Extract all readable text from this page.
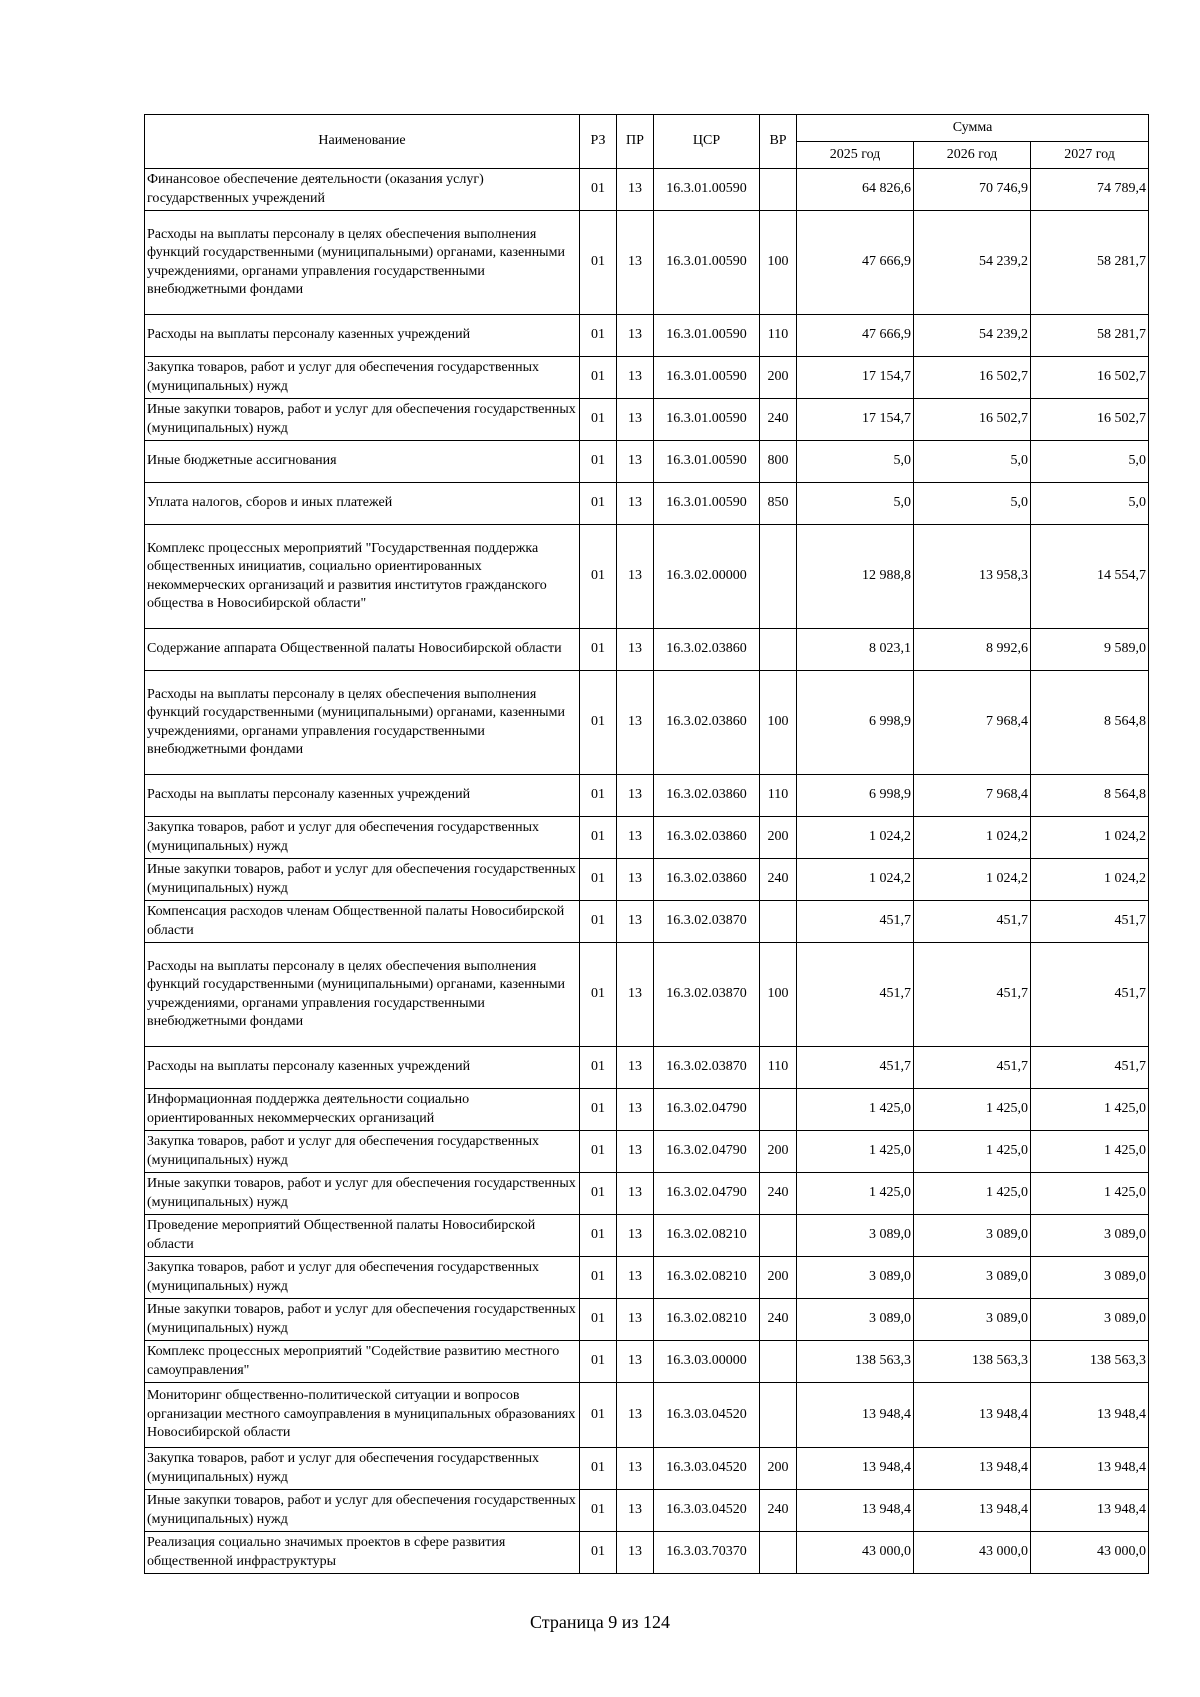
Наименование	РЗ	ПР	ЦСР	ВР	Сумма		
					2025 год	2026 год	2027 год
Финансовое обеспечение деятельности (оказания услуг) государственных учреждений	01	13	16.3.01.00590		64 826,6	70 746,9	74 789,4
Расходы на выплаты персоналу в целях обеспечения выполнения функций государственными (муниципальными) органами, казенными учреждениями, органами управления государственными внебюджетными фондами	01	13	16.3.01.00590	100	47 666,9	54 239,2	58 281,7
Расходы на выплаты персоналу казенных учреждений	01	13	16.3.01.00590	110	47 666,9	54 239,2	58 281,7
Закупка товаров, работ и услуг для обеспечения государственных (муниципальных) нужд	01	13	16.3.01.00590	200	17 154,7	16 502,7	16 502,7
Иные закупки товаров, работ и услуг для обеспечения государственных (муниципальных) нужд	01	13	16.3.01.00590	240	17 154,7	16 502,7	16 502,7
Иные бюджетные ассигнования	01	13	16.3.01.00590	800	5,0	5,0	5,0
Уплата налогов, сборов и иных платежей	01	13	16.3.01.00590	850	5,0	5,0	5,0
Комплекс процессных мероприятий "Государственная поддержка общественных инициатив, социально ориентированных некоммерческих организаций и развития институтов гражданского общества в Новосибирской области"	01	13	16.3.02.00000		12 988,8	13 958,3	14 554,7
Содержание аппарата Общественной палаты Новосибирской области	01	13	16.3.02.03860		8 023,1	8 992,6	9 589,0
Расходы на выплаты персоналу в целях обеспечения выполнения функций государственными (муниципальными) органами, казенными учреждениями, органами управления государственными внебюджетными фондами	01	13	16.3.02.03860	100	6 998,9	7 968,4	8 564,8
Расходы на выплаты персоналу казенных учреждений	01	13	16.3.02.03860	110	6 998,9	7 968,4	8 564,8
Закупка товаров, работ и услуг для обеспечения государственных (муниципальных) нужд	01	13	16.3.02.03860	200	1 024,2	1 024,2	1 024,2
Иные закупки товаров, работ и услуг для обеспечения государственных (муниципальных) нужд	01	13	16.3.02.03860	240	1 024,2	1 024,2	1 024,2
Компенсация расходов членам Общественной палаты Новосибирской области	01	13	16.3.02.03870		451,7	451,7	451,7
Расходы на выплаты персоналу в целях обеспечения выполнения функций государственными (муниципальными) органами, казенными учреждениями, органами управления государственными внебюджетными фондами	01	13	16.3.02.03870	100	451,7	451,7	451,7
Расходы на выплаты персоналу казенных учреждений	01	13	16.3.02.03870	110	451,7	451,7	451,7
Информационная поддержка деятельности социально ориентированных некоммерческих организаций	01	13	16.3.02.04790		1 425,0	1 425,0	1 425,0
Закупка товаров, работ и услуг для обеспечения государственных (муниципальных) нужд	01	13	16.3.02.04790	200	1 425,0	1 425,0	1 425,0
Иные закупки товаров, работ и услуг для обеспечения государственных (муниципальных) нужд	01	13	16.3.02.04790	240	1 425,0	1 425,0	1 425,0
Проведение мероприятий Общественной палаты Новосибирской области	01	13	16.3.02.08210		3 089,0	3 089,0	3 089,0
Закупка товаров, работ и услуг для обеспечения государственных (муниципальных) нужд	01	13	16.3.02.08210	200	3 089,0	3 089,0	3 089,0
Иные закупки товаров, работ и услуг для обеспечения государственных (муниципальных) нужд	01	13	16.3.02.08210	240	3 089,0	3 089,0	3 089,0
Комплекс процессных мероприятий "Содействие развитию местного самоуправления"	01	13	16.3.03.00000		138 563,3	138 563,3	138 563,3
Мониторинг общественно-политической ситуации и вопросов организации местного самоуправления в муниципальных образованиях Новосибирской области	01	13	16.3.03.04520		13 948,4	13 948,4	13 948,4
Закупка товаров, работ и услуг для обеспечения государственных (муниципальных) нужд	01	13	16.3.03.04520	200	13 948,4	13 948,4	13 948,4
Иные закупки товаров, работ и услуг для обеспечения государственных (муниципальных) нужд	01	13	16.3.03.04520	240	13 948,4	13 948,4	13 948,4
Реализация социально значимых проектов в сфере развития общественной инфраструктуры	01	13	16.3.03.70370		43 000,0	43 000,0	43 000,0
Страница 9 из 124
